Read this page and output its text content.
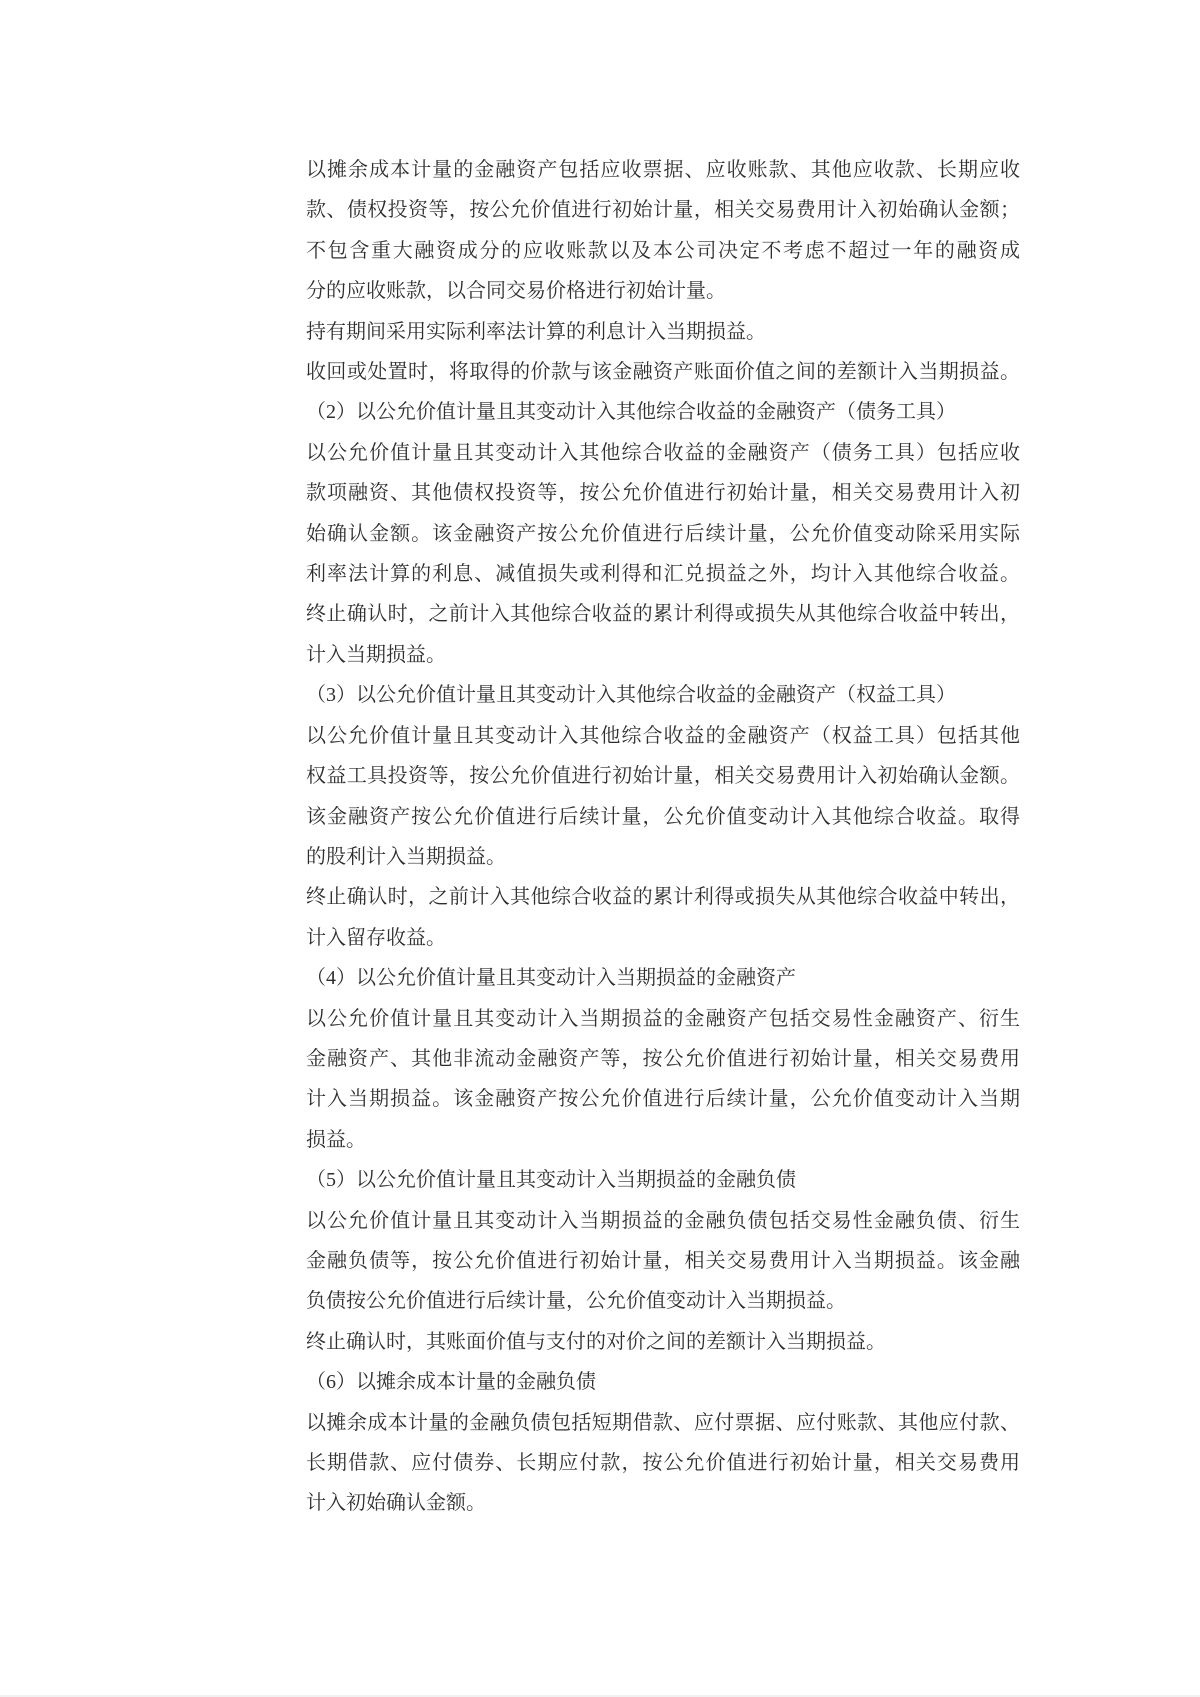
以摊余成本计量的金融资产包括应收票据、应收账款、其他应收款、长期应收
款、债权投资等，按公允价值进行初始计量，相关交易费用计入初始确认金额；
不包含重大融资成分的应收账款以及本公司决定不考虑不超过一年的融资成
分的应收账款，以合同交易价格进行初始计量。
持有期间采用实际利率法计算的利息计入当期损益。
收回或处置时，将取得的价款与该金融资产账面价值之间的差额计入当期损益。
（2）以公允价值计量且其变动计入其他综合收益的金融资产（债务工具）
以公允价值计量且其变动计入其他综合收益的金融资产（债务工具）包括应收
款项融资、其他债权投资等，按公允价值进行初始计量，相关交易费用计入初
始确认金额。该金融资产按公允价值进行后续计量，公允价值变动除采用实际
利率法计算的利息、减值损失或利得和汇兑损益之外，均计入其他综合收益。
终止确认时，之前计入其他综合收益的累计利得或损失从其他综合收益中转出，
计入当期损益。
（3）以公允价值计量且其变动计入其他综合收益的金融资产（权益工具）
以公允价值计量且其变动计入其他综合收益的金融资产（权益工具）包括其他
权益工具投资等，按公允价值进行初始计量，相关交易费用计入初始确认金额。
该金融资产按公允价值进行后续计量，公允价值变动计入其他综合收益。取得
的股利计入当期损益。
终止确认时，之前计入其他综合收益的累计利得或损失从其他综合收益中转出，
计入留存收益。
（4）以公允价值计量且其变动计入当期损益的金融资产
以公允价值计量且其变动计入当期损益的金融资产包括交易性金融资产、衍生
金融资产、其他非流动金融资产等，按公允价值进行初始计量，相关交易费用
计入当期损益。该金融资产按公允价值进行后续计量，公允价值变动计入当期
损益。
（5）以公允价值计量且其变动计入当期损益的金融负债
以公允价值计量且其变动计入当期损益的金融负债包括交易性金融负债、衍生
金融负债等，按公允价值进行初始计量，相关交易费用计入当期损益。该金融
负债按公允价值进行后续计量，公允价值变动计入当期损益。
终止确认时，其账面价值与支付的对价之间的差额计入当期损益。
（6）以摊余成本计量的金融负债
以摊余成本计量的金融负债包括短期借款、应付票据、应付账款、其他应付款、
长期借款、应付债券、长期应付款，按公允价值进行初始计量，相关交易费用
计入初始确认金额。
